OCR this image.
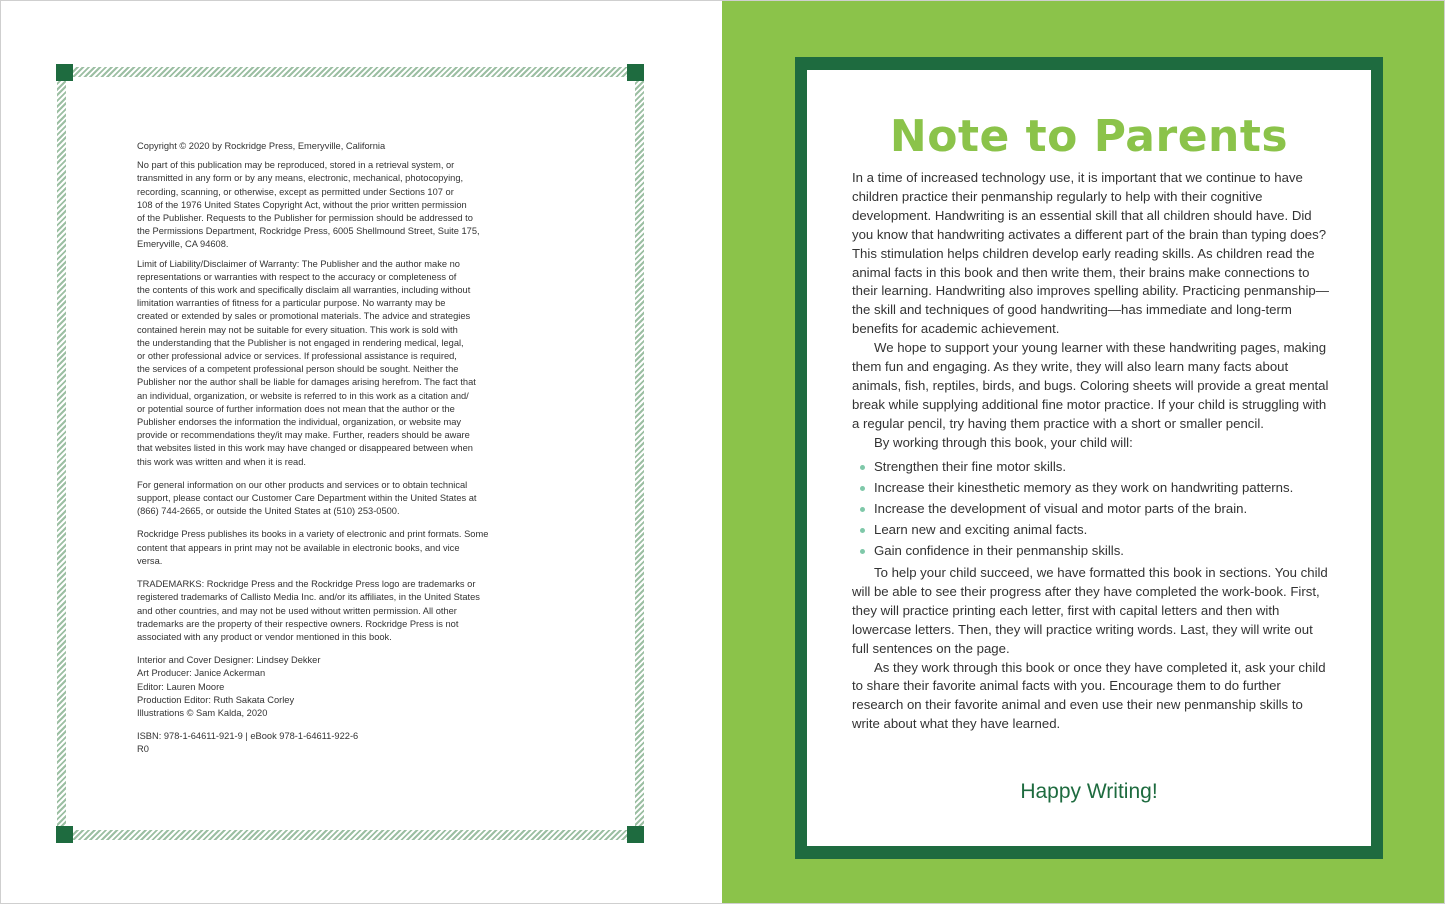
Copyright © 2020 by Rockridge Press, Emeryville, California

No part of this publication may be reproduced, stored in a retrieval system, or
transmitted in any form or by any means, electronic, mechanical, photocopying,
recording, scanning, or otherwise, except as permitted under Sections 107 or
108 of the 1976 United States Copyright Act, without the prior written permission
of the Publisher. Requests to the Publisher for permission should be addressed to
the Permissions Department, Rockridge Press, 6005 Shellmound Street, Suite 175,
Emeryville, CA 94608.

Limit of Liability/Disclaimer of Warranty: The Publisher and the author make no
representations or warranties with respect to the accuracy or completeness of
the contents of this work and specifically disclaim all warranties, including without
limitation warranties of fitness for a particular purpose. No warranty may be
created or extended by sales or promotional materials. The advice and strategies
contained herein may not be suitable for every situation. This work is sold with
the understanding that the Publisher is not engaged in rendering medical, legal,
or other professional advice or services. If professional assistance is required,
the services of a competent professional person should be sought. Neither the
Publisher nor the author shall be liable for damages arising herefrom. The fact that
an individual, organization, or website is referred to in this work as a citation and/
or potential source of further information does not mean that the author or the
Publisher endorses the information the individual, organization, or website may
provide or recommendations they/it may make. Further, readers should be aware
that websites listed in this work may have changed or disappeared between when
this work was written and when it is read.

For general information on our other products and services or to obtain technical
support, please contact our Customer Care Department within the United States at
(866) 744-2665, or outside the United States at (510) 253-0500.

Rockridge Press publishes its books in a variety of electronic and print formats. Some
content that appears in print may not be available in electronic books, and vice
versa.

TRADEMARKS: Rockridge Press and the Rockridge Press logo are trademarks or
registered trademarks of Callisto Media Inc. and/or its affiliates, in the United States
and other countries, and may not be used without written permission. All other
trademarks are the property of their respective owners. Rockridge Press is not
associated with any product or vendor mentioned in this book.

Interior and Cover Designer: Lindsey Dekker
Art Producer: Janice Ackerman
Editor: Lauren Moore
Production Editor: Ruth Sakata Corley
Illustrations © Sam Kalda, 2020

ISBN: 978-1-64611-921-9 | eBook 978-1-64611-922-6
R0

Note to Parents

In a time of increased technology use, it is important that we continue to have children practice their penmanship regularly to help with their cognitive development. Handwriting is an essential skill that all children should have. Did you know that handwriting activates a different part of the brain than typing does? This stimulation helps children develop early reading skills. As children read the animal facts in this book and then write them, their brains make connections to their learning. Handwriting also improves spelling ability. Practicing penmanship—the skill and techniques of good handwriting—has immediate and long-term benefits for academic achievement.

We hope to support your young learner with these handwriting pages, making them fun and engaging. As they write, they will also learn many facts about animals, fish, reptiles, birds, and bugs. Coloring sheets will provide a great mental break while supplying additional fine motor practice. If your child is struggling with a regular pencil, try having them practice with a short or smaller pencil.

By working through this book, your child will:

Strengthen their fine motor skills.
Increase their kinesthetic memory as they work on handwriting patterns.
Increase the development of visual and motor parts of the brain.
Learn new and exciting animal facts.
Gain confidence in their penmanship skills.

To help your child succeed, we have formatted this book in sections. You child will be able to see their progress after they have completed the work-book. First, they will practice printing each letter, first with capital letters and then with lowercase letters. Then, they will practice writing words. Last, they will write out full sentences on the page.

As they work through this book or once they have completed it, ask your child to share their favorite animal facts with you. Encourage them to do further research on their favorite animal and even use their new penmanship skills to write about what they have learned.

Happy Writing!
